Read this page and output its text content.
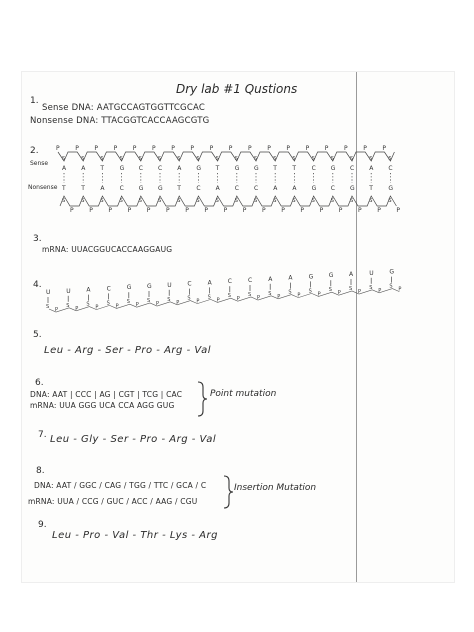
Dry lab #1 Qustions
1.
Sense DNA: AATGCCAGTGGTTCGCAC
Nonsense DNA: TTACGGTCACCAAGCGTG
2.
Sense
Nonsense
P
S
A
T
S
P
P
S
A
T
S
P
P
S
T
A
S
P
P
S
G
C
S
P
P
S
C
G
S
P
P
S
C
G
S
P
P
S
A
T
S
P
P
S
G
C
S
P
P
S
T
A
S
P
P
S
G
C
S
P
P
S
G
C
S
P
P
S
T
A
S
P
P
S
T
A
S
P
P
S
C
G
S
P
P
S
G
C
S
P
P
S
C
G
S
P
P
S
A
T
S
P
P
S
C
G
S
P
3.
mRNA: UUACGGUCACCAAGGAUG
4.
U
S P
U
S P
A
S P
C
S P
G
S P
G
S P
U
S P
C
S P
A
S P
C
S P
C
S P
A
S P
A
S P
G
S P
G
S P
A
S P
U
S P
G
S P
5.
Leu - Arg - Ser - Pro - Arg - Val
6.
DNA: AAT | CCC | AG | CGT | TCG | CAC
mRNA: UUA GGG UCA CCA AGG GUG
Point mutation
7. Leu - Gly - Ser - Pro - Arg - Val
8.
DNA: AAT / GGC / CAG / TGG / TTC / GCA / C
mRNA: UUA / CCG / GUC / ACC / AAG / CGU
Insertion Mutation
9.
Leu - Pro - Val - Thr - Lys - Arg
